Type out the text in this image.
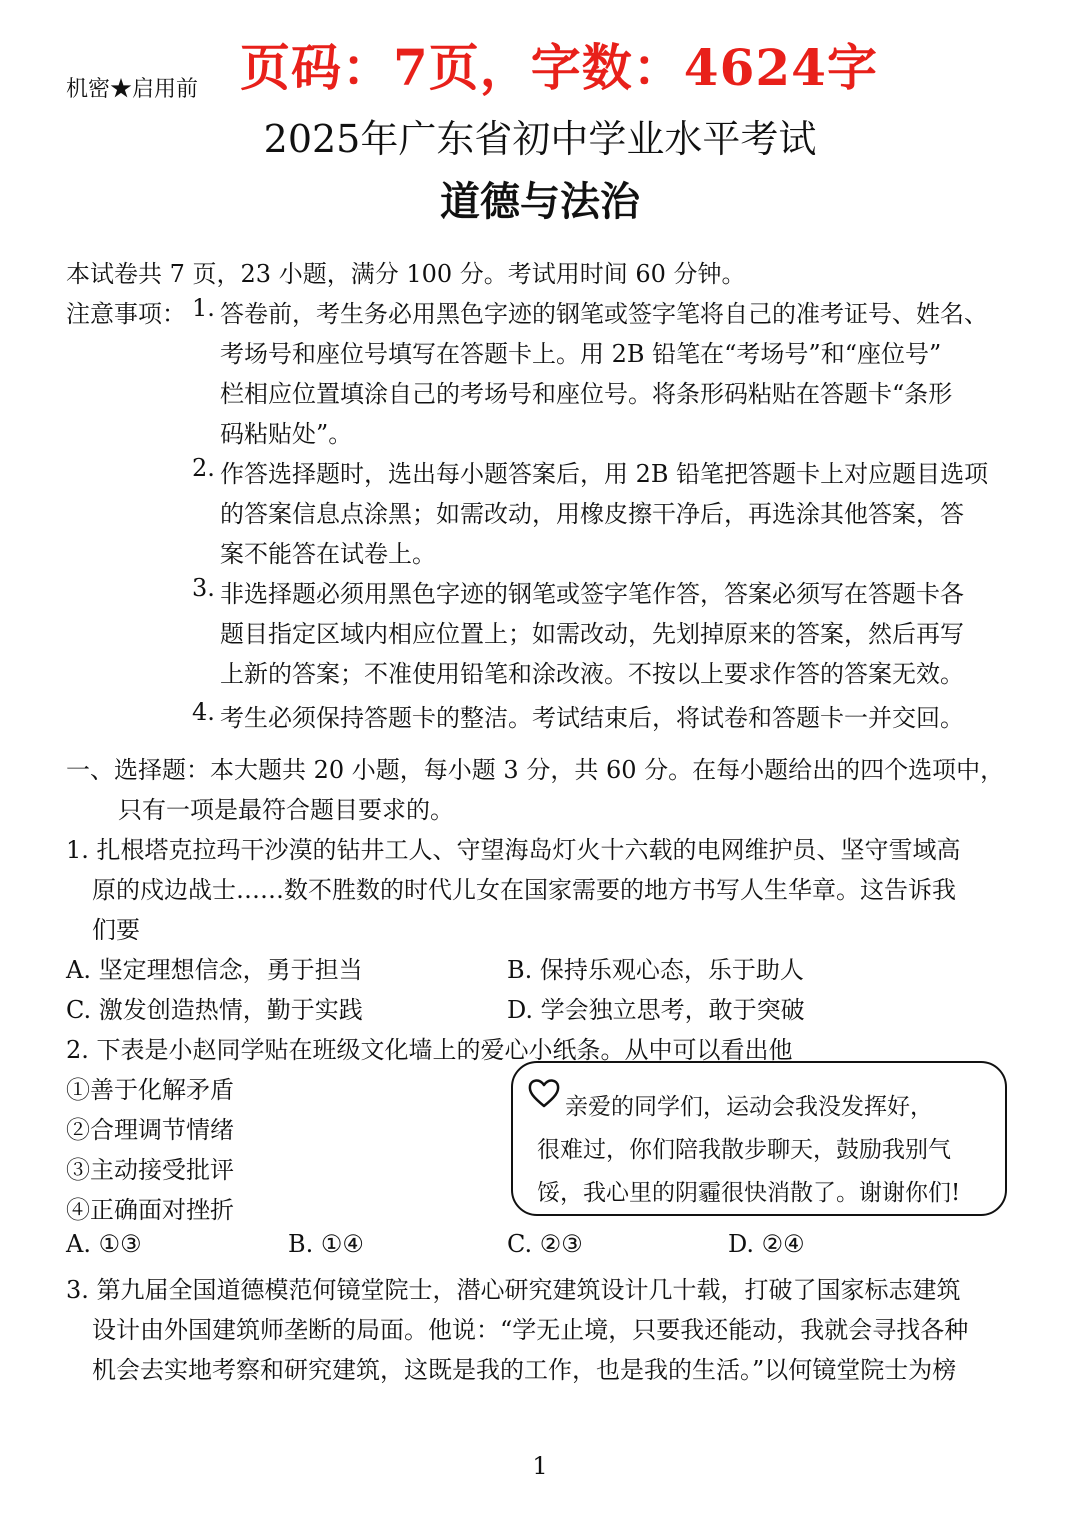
机密★启用前 页码：7页，字数：4624字
2025年广东省初中学业水平考试
道德与法治
本试卷共 7 页，23 小题，满分 100 分。考试用时间 60 分钟。
注意事项： 1. 答卷前，考生务必用黑色字迹的钢笔或签字笔将自己的准考证号、姓名、
考场号和座位号填写在答题卡上。用 2B 铅笔在“考场号”和“座位号”
栏相应位置填涂自己的考场号和座位号。将条形码粘贴在答题卡“条形
码粘贴处”。
2. 作答选择题时，选出每小题答案后，用 2B 铅笔把答题卡上对应题目选项
的答案信息点涂黑；如需改动，用橡皮擦干净后，再选涂其他答案，答
案不能答在试卷上。
3. 非选择题必须用黑色字迹的钢笔或签字笔作答，答案必须写在答题卡各
题目指定区域内相应位置上；如需改动，先划掉原来的答案，然后再写
上新的答案；不准使用铅笔和涂改液。不按以上要求作答的答案无效。
4. 考生必须保持答题卡的整洁。考试结束后，将试卷和答题卡一并交回。
一、选择题：本大题共 20 小题，每小题 3 分，共 60 分。在每小题给出的四个选项中，
只有一项是最符合题目要求的。
1. 扎根塔克拉玛干沙漠的钻井工人、守望海岛灯火十六载的电网维护员、坚守雪域高
原的戍边战士……数不胜数的时代儿女在国家需要的地方书写人生华章。这告诉我
们要
A. 坚定理想信念，勇于担当	B. 保持乐观心态，乐于助人
C. 激发创造热情，勤于实践	D. 学会独立思考，敢于突破
2. 下表是小赵同学贴在班级文化墙上的爱心小纸条。从中可以看出他
①善于化解矛盾
②合理调节情绪
③主动接受批评
④正确面对挫折
亲爱的同学们，运动会我没发挥好，
很难过，你们陪我散步聊天，鼓励我别气
馁，我心里的阴霾很快消散了。谢谢你们!
A. ①③	B. ①④	C. ②③	D. ②④
3. 第九届全国道德模范何镜堂院士，潜心研究建筑设计几十载，打破了国家标志建筑
设计由外国建筑师垄断的局面。他说：“学无止境，只要我还能动，我就会寻找各种
机会去实地考察和研究建筑，这既是我的工作，也是我的生活。”以何镜堂院士为榜
1
